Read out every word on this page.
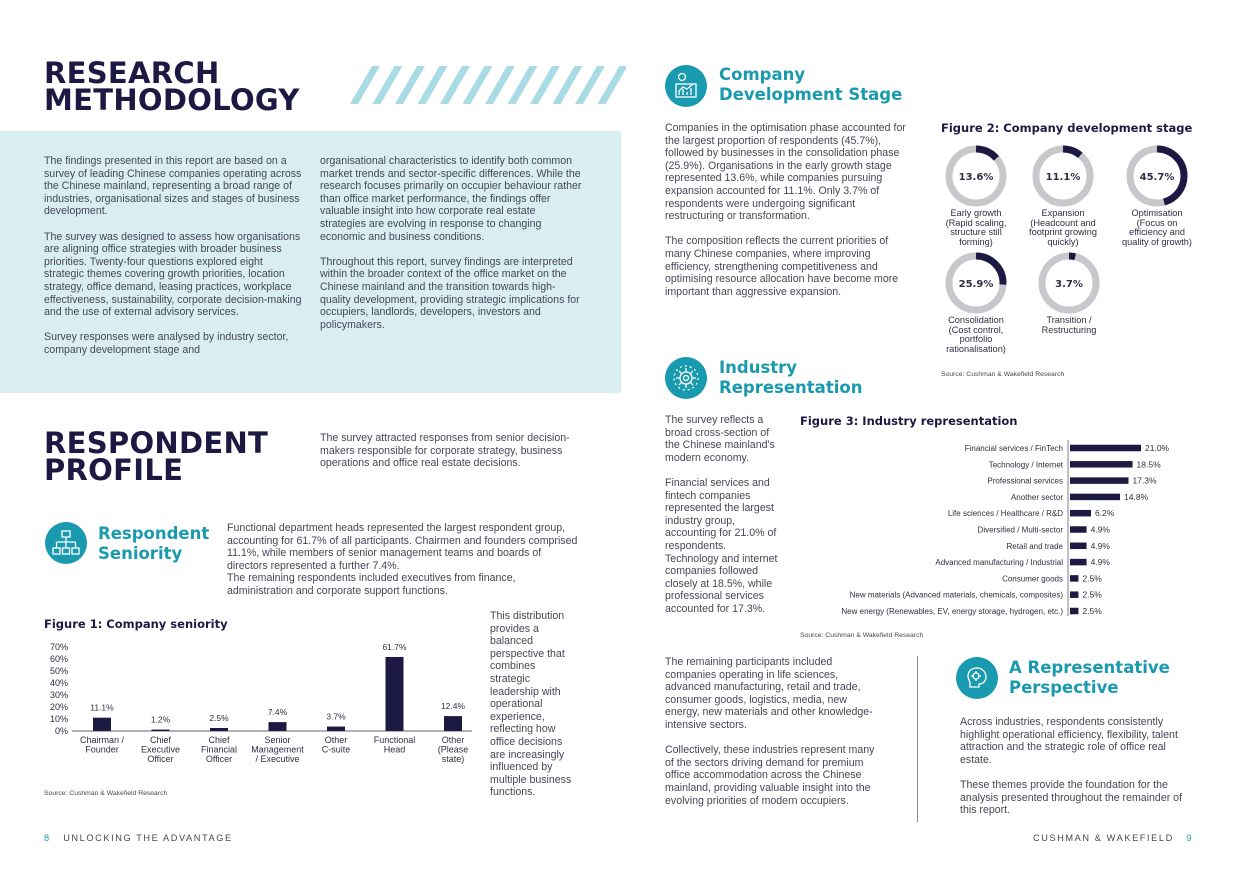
RESEARCH
METHODOLOGY
The findings presented in this report are based on a survey of leading Chinese companies operating across the Chinese mainland, representing a broad range of industries, organisational sizes and stages of business development.

The survey was designed to assess how organisations are aligning office strategies with broader business priorities. Twenty-four questions explored eight strategic themes covering growth priorities, location strategy, office demand, leasing practices, workplace effectiveness, sustainability, corporate decision-making and the use of external advisory services.

Survey responses were analysed by industry sector, company development stage and
organisational characteristics to identify both common market trends and sector-specific differences. While the research focuses primarily on occupier behaviour rather than office market performance, the findings offer valuable insight into how corporate real estate strategies are evolving in response to changing economic and business conditions.

Throughout this report, survey findings are interpreted within the broader context of the office market on the Chinese mainland and the transition towards high-quality development, providing strategic implications for occupiers, landlords, developers, investors and policymakers.
RESPONDENT
PROFILE
The survey attracted responses from senior decision-makers responsible for corporate strategy, business operations and office real estate decisions.
Respondent
Seniority
Functional department heads represented the largest respondent group, accounting for 61.7% of all participants. Chairmen and founders comprised 11.1%, while members of senior management teams and boards of directors represented a further 7.4%.
The remaining respondents included executives from finance, administration and corporate support functions.
Figure 1: Company seniority
70%
60%
50%
40%
30%
20%
10%
0%
11.1%
Chairman / Founder
1.2%
Chief Executive Officer
2.5%
Chief Financial Officer
7.4%
Senior Management / Executive
3.7%
Other C-suite
61.7%
Functional Head
12.4%
Other (Please state)
This distribution provides a balanced perspective that combines strategic leadership with operational experience, reflecting how office decisions are increasingly influenced by multiple business functions.
Source: Cushman & Wakefield Research
8 UNLOCKING THE ADVANTAGE
Company
Development Stage
Companies in the optimisation phase accounted for the largest proportion of respondents (45.7%), followed by businesses in the consolidation phase (25.9%). Organisations in the early growth stage represented 13.6%, while companies pursuing expansion accounted for 11.1%. Only 3.7% of respondents were undergoing significant restructuring or transformation.

The composition reflects the current priorities of many Chinese companies, where improving efficiency, strengthening competitiveness and optimising resource allocation have become more important than aggressive expansion.
Figure 2: Company development stage
13.6%
Early growth
(Rapid scaling,
structure still
forming)
11.1%
Expansion
(Headcount and
footprint growing
quickly)
45.7%
Optimisation
(Focus on
efficiency and
quality of growth)
25.9%
Consolidation
(Cost control,
portfolio
rationalisation)
3.7%
Transition /
Restructuring
Source: Cushman & Wakefield Research
Industry
Representation
The survey reflects a broad cross-section of the Chinese mainland's modern economy.

Financial services and fintech companies represented the largest industry group, accounting for 21.0% of respondents. Technology and internet companies followed closely at 18.5%, while professional services accounted for 17.3%.
Figure 3: Industry representation
Financial services / FinTech	21.0%
Technology / Internet	18.5%
Professional services	17.3%
Another sector	14.8%
Life sciences / Healthcare / R&D	6.2%
Diversified / Multi-sector	4.9%
Retail and trade	4.9%
Advanced manufacturing / Industrial	4.9%
Consumer goods 2.5%
New materials (Advanced materials, chemicals, composites) 2.5%
New energy (Renewables, EV, energy storage, hydrogen, etc.) 2.5%
Source: Cushman & Wakefield Research
The remaining participants included companies operating in life sciences, advanced manufacturing, retail and trade, consumer goods, logistics, media, new energy, new materials and other knowledge-intensive sectors.

Collectively, these industries represent many of the sectors driving demand for premium office accommodation across the Chinese mainland, providing valuable insight into the evolving priorities of modern occupiers.
A Representative
Perspective
Across industries, respondents consistently highlight operational efficiency, flexibility, talent attraction and the strategic role of office real estate.

These themes provide the foundation for the analysis presented throughout the remainder of this report.
CUSHMAN & WAKEFIELD 9
